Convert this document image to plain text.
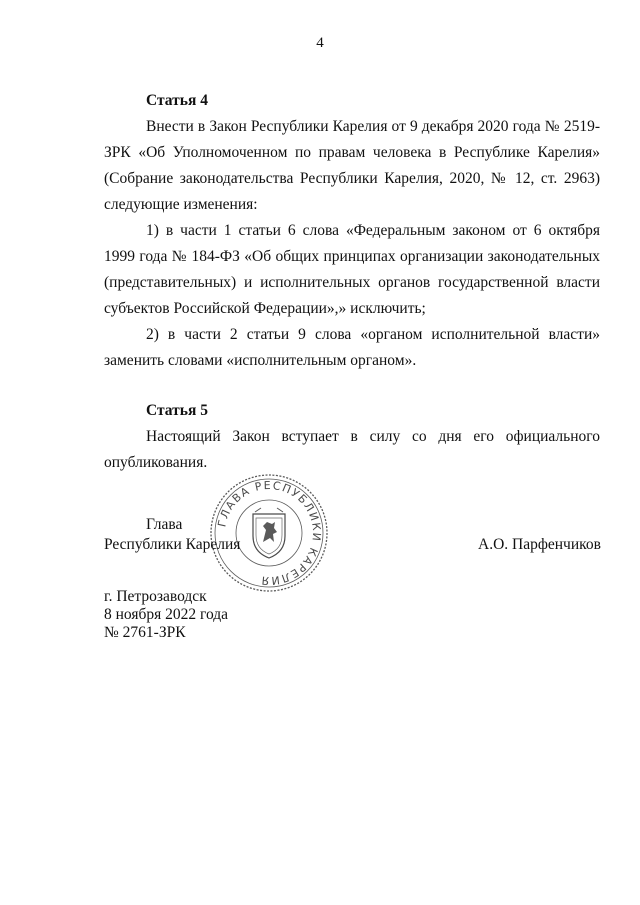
4
Статья 4

Внести в Закон Республики Карелия от 9 декабря 2020 года № 2519-ЗРК «Об Уполномоченном по правам человека в Республике Карелия» (Собрание законодательства Республики Карелия, 2020, № 12, ст. 2963) следующие изменения:

1) в части 1 статьи 6 слова «Федеральным законом от 6 октября 1999 года № 184-ФЗ «Об общих принципах организации законодательных (представительных) и исполнительных органов государственной власти субъектов Российской Федерации»,» исключить;

2) в части 2 статьи 9 слова «органом исполнительной власти» заменить словами «исполнительным органом».

Статья 5

Настоящий Закон вступает в силу со дня его официального опубликования.

ГЛАВА РЕСПУБЛИКИ КАРЕЛИЯ
Глава
Республики Карелия	А.О. Парфенчиков
г. Петрозаводск
8 ноября 2022 года
№ 2761-ЗРК
